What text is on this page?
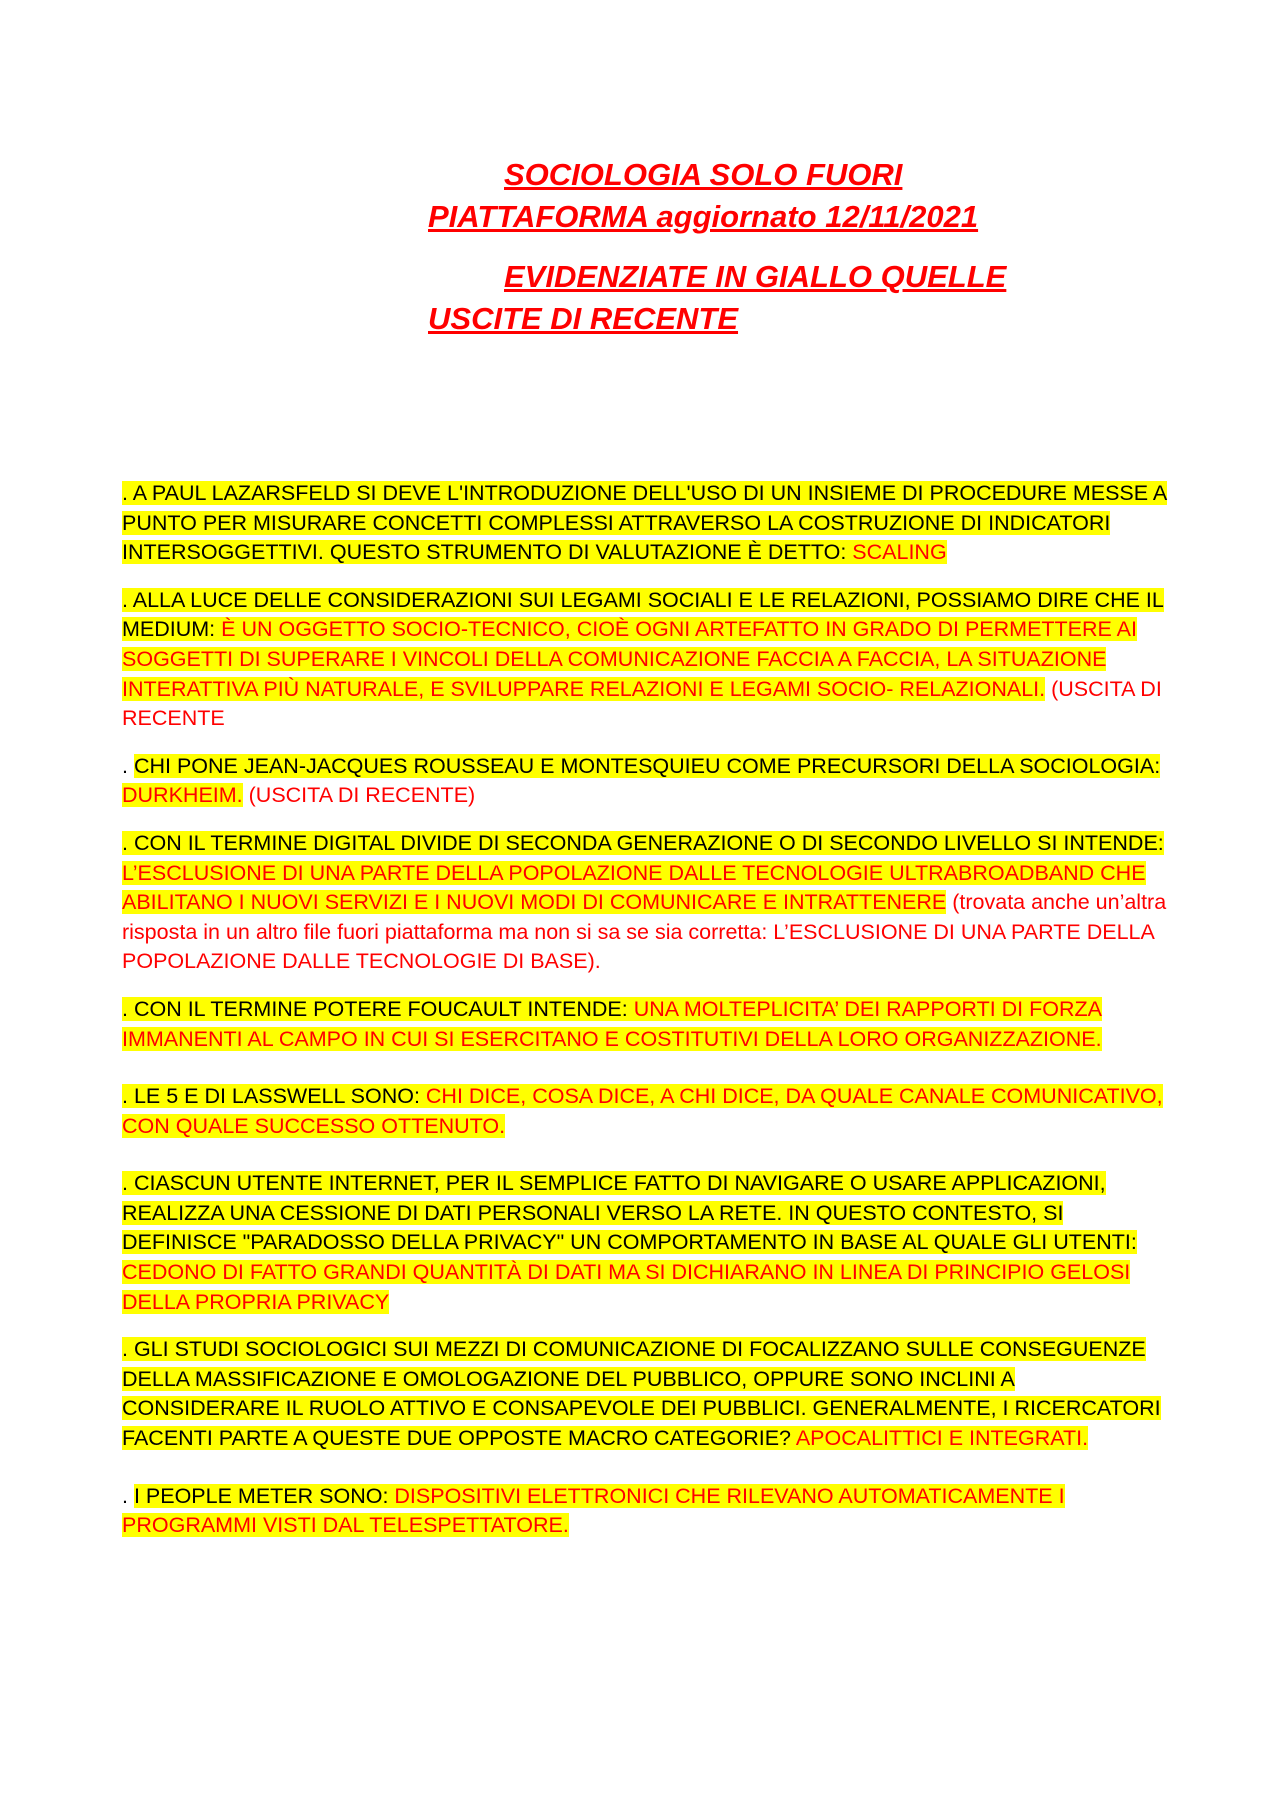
SOCIOLOGIA SOLO FUORI
PIATTAFORMA aggiornato 12/11/2021
EVIDENZIATE IN GIALLO QUELLE
USCITE DI RECENTE

. A PAUL LAZARSFELD SI DEVE L'INTRODUZIONE DELL'USO DI UN INSIEME DI PROCEDURE MESSE A PUNTO PER MISURARE CONCETTI COMPLESSI ATTRAVERSO LA COSTRUZIONE DI INDICATORI INTERSOGGETTIVI. QUESTO STRUMENTO DI VALUTAZIONE È DETTO: SCALING

. ALLA LUCE DELLE CONSIDERAZIONI SUI LEGAMI SOCIALI E LE RELAZIONI, POSSIAMO DIRE CHE IL MEDIUM: È UN OGGETTO SOCIO-TECNICO, CIOÈ OGNI ARTEFATTO IN GRADO DI PERMETTERE AI SOGGETTI DI SUPERARE I VINCOLI DELLA COMUNICAZIONE FACCIA A FACCIA, LA SITUAZIONE INTERATTIVA PIÙ NATURALE, E SVILUPPARE RELAZIONI E LEGAMI SOCIO- RELAZIONALI. (USCITA DI RECENTE

. CHI PONE JEAN-JACQUES ROUSSEAU E MONTESQUIEU COME PRECURSORI DELLA SOCIOLOGIA: DURKHEIM. (USCITA DI RECENTE)

. CON IL TERMINE DIGITAL DIVIDE DI SECONDA GENERAZIONE O DI SECONDO LIVELLO SI INTENDE: L’ESCLUSIONE DI UNA PARTE DELLA POPOLAZIONE DALLE TECNOLOGIE ULTRABROADBAND CHE ABILITANO I NUOVI SERVIZI E I NUOVI MODI DI COMUNICARE E INTRATTENERE (trovata anche un’altra risposta in un altro file fuori piattaforma ma non si sa se sia corretta: L’ESCLUSIONE DI UNA PARTE DELLA POPOLAZIONE DALLE TECNOLOGIE DI BASE).

. CON IL TERMINE POTERE FOUCAULT INTENDE: UNA MOLTEPLICITA’ DEI RAPPORTI DI FORZA IMMANENTI AL CAMPO IN CUI SI ESERCITANO E COSTITUTIVI DELLA LORO ORGANIZZAZIONE.

. LE 5 E DI LASSWELL SONO: CHI DICE, COSA DICE, A CHI DICE, DA QUALE CANALE COMUNICATIVO, CON QUALE SUCCESSO OTTENUTO.

. CIASCUN UTENTE INTERNET, PER IL SEMPLICE FATTO DI NAVIGARE O USARE APPLICAZIONI, REALIZZA UNA CESSIONE DI DATI PERSONALI VERSO LA RETE. IN QUESTO CONTESTO, SI DEFINISCE "PARADOSSO DELLA PRIVACY" UN COMPORTAMENTO IN BASE AL QUALE GLI UTENTI: CEDONO DI FATTO GRANDI QUANTITÀ DI DATI MA SI DICHIARANO IN LINEA DI PRINCIPIO GELOSI DELLA PROPRIA PRIVACY

. GLI STUDI SOCIOLOGICI SUI MEZZI DI COMUNICAZIONE DI FOCALIZZANO SULLE CONSEGUENZE DELLA MASSIFICAZIONE E OMOLOGAZIONE DEL PUBBLICO, OPPURE SONO INCLINI A CONSIDERARE IL RUOLO ATTIVO E CONSAPEVOLE DEI PUBBLICI. GENERALMENTE, I RICERCATORI FACENTI PARTE A QUESTE DUE OPPOSTE MACRO CATEGORIE? APOCALITTICI E INTEGRATI.

. I PEOPLE METER SONO: DISPOSITIVI ELETTRONICI CHE RILEVANO AUTOMATICAMENTE I PROGRAMMI VISTI DAL TELESPETTATORE.
